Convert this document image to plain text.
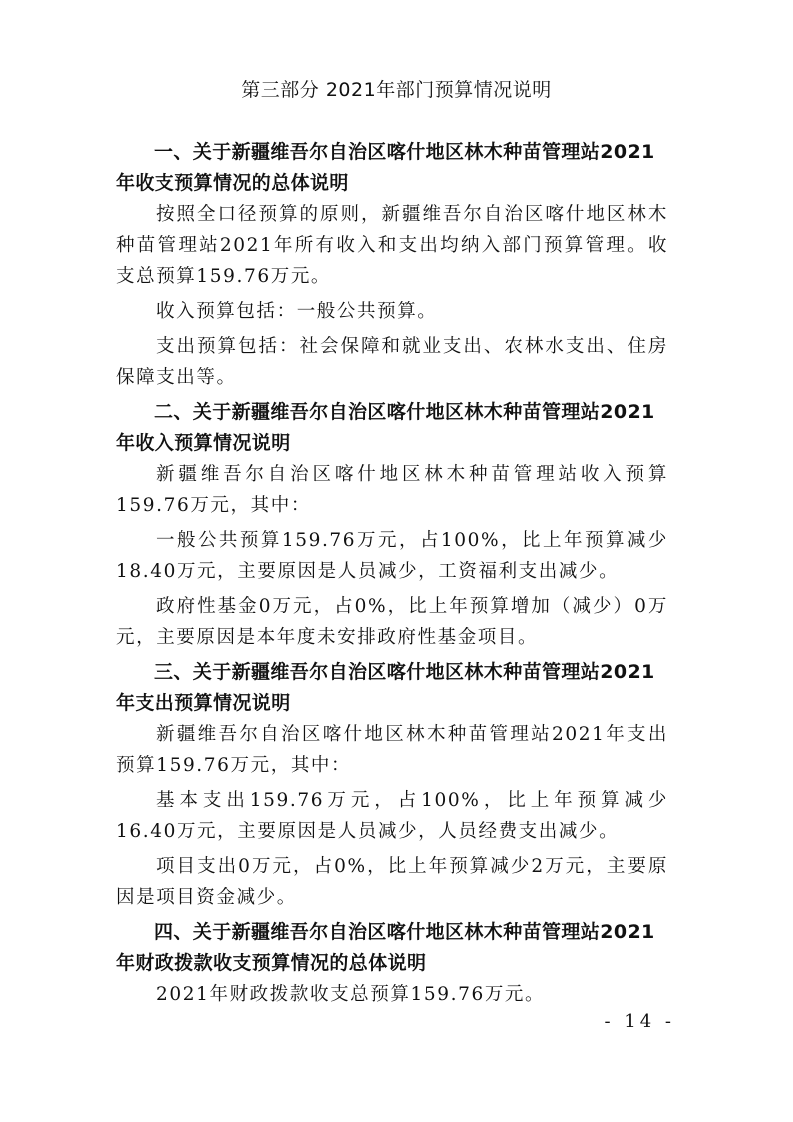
第三部分 2021年部门预算情况说明

一、关于新疆维吾尔自治区喀什地区林木种苗管理站2021年收支预算情况的总体说明

按照全口径预算的原则，新疆维吾尔自治区喀什地区林木种苗管理站2021年所有收入和支出均纳入部门预算管理。收支总预算159.76万元。

收入预算包括：一般公共预算。

支出预算包括：社会保障和就业支出、农林水支出、住房保障支出等。

二、关于新疆维吾尔自治区喀什地区林木种苗管理站2021年收入预算情况说明

新疆维吾尔自治区喀什地区林木种苗管理站收入预算159.76万元，其中：

一般公共预算159.76万元，占100%，比上年预算减少18.40万元，主要原因是人员减少，工资福利支出减少。

政府性基金0万元，占0%，比上年预算增加（减少）0万元，主要原因是本年度未安排政府性基金项目。

三、关于新疆维吾尔自治区喀什地区林木种苗管理站2021年支出预算情况说明

新疆维吾尔自治区喀什地区林木种苗管理站2021年支出预算159.76万元，其中：

基本支出159.76万元，占100%，比上年预算减少16.40万元，主要原因是人员减少，人员经费支出减少。

项目支出0万元，占0%，比上年预算减少2万元，主要原因是项目资金减少。

四、关于新疆维吾尔自治区喀什地区林木种苗管理站2021年财政拨款收支预算情况的总体说明

2021年财政拨款收支总预算159.76万元。

- 14 -
